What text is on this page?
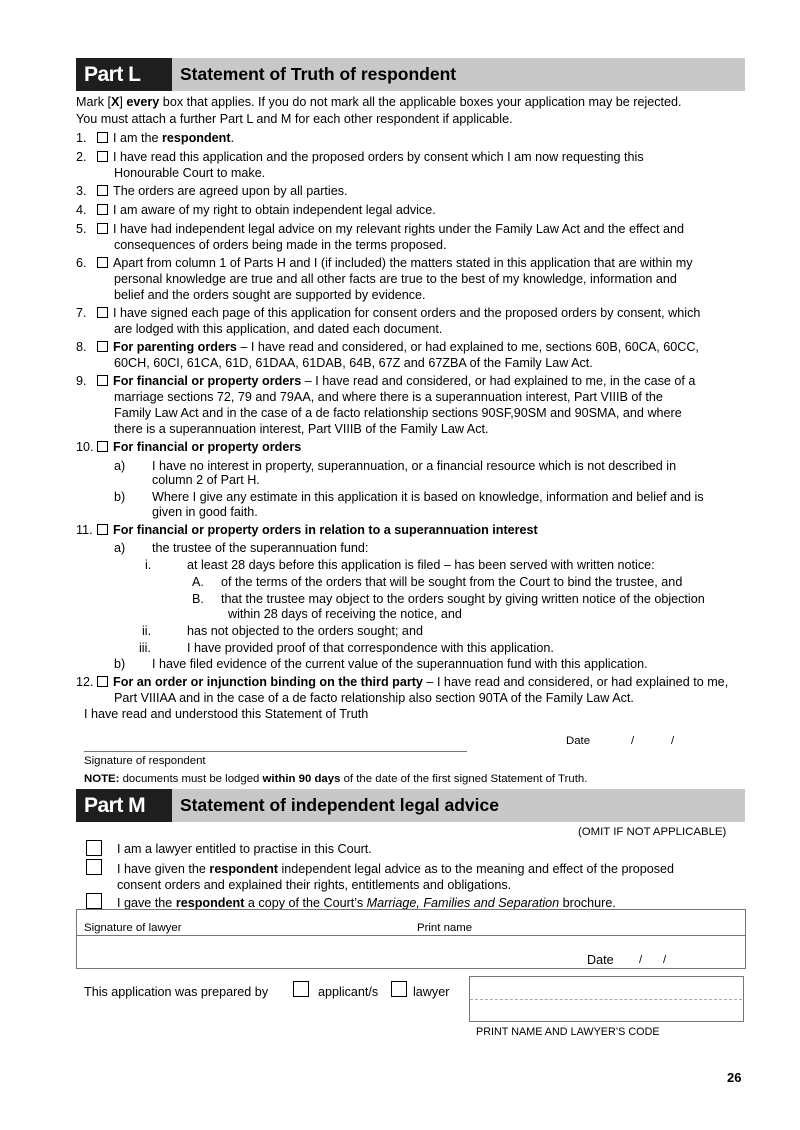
Part L	Statement of Truth of respondent
Mark [X] every box that applies. If you do not mark all the applicable boxes your application may be rejected.
You must attach a further Part L and M for each other respondent if applicable.
1.	I am the respondent.
2.	I have read this application and the proposed orders by consent which I am now requesting this
Honourable Court to make.
3.	The orders are agreed upon by all parties.
4.	I am aware of my right to obtain independent legal advice.
5.	I have had independent legal advice on my relevant rights under the Family Law Act and the effect and
consequences of orders being made in the terms proposed.
6.	Apart from column 1 of Parts H and I (if included) the matters stated in this application that are within my
personal knowledge are true and all other facts are true to the best of my knowledge, information and
belief and the orders sought are supported by evidence.
7.	I have signed each page of this application for consent orders and the proposed orders by consent, which
are lodged with this application, and dated each document.
8.	For parenting orders – I have read and considered, or had explained to me, sections 60B, 60CA, 60CC,
60CH, 60CI, 61CA, 61D, 61DAA, 61DAB, 64B, 67Z and 67ZBA of the Family Law Act.
9.	For financial or property orders – I have read and considered, or had explained to me, in the case of a
marriage sections 72, 79 and 79AA, and where there is a superannuation interest, Part VIIIB of the
Family Law Act and in the case of a de facto relationship sections 90SF,90SM and 90SMA, and where
there is a superannuation interest, Part VIIIB of the Family Law Act.
10.	For financial or property orders
a) I have no interest in property, superannuation, or a financial resource which is not described in
column 2 of Part H.
b) Where I give any estimate in this application it is based on knowledge, information and belief and is
given in good faith.
11.	For financial or property orders in relation to a superannuation interest
a) the trustee of the superannuation fund:
i.	at least 28 days before this application is filed – has been served with written notice:
A. of the terms of the orders that will be sought from the Court to bind the trustee, and
B. that the trustee may object to the orders sought by giving written notice of the objection
within 28 days of receiving the notice, and
ii.	has not objected to the orders sought; and
iii.	I have provided proof of that correspondence with this application.
b) I have filed evidence of the current value of the superannuation fund with this application.
12.	For an order or injunction binding on the third party – I have read and considered, or had explained to me,
Part VIIIAA and in the case of a de facto relationship also section 90TA of the Family Law Act.
I have read and understood this Statement of Truth
Date	/	/
Signature of respondent
NOTE: documents must be lodged within 90 days of the date of the first signed Statement of Truth.
Part M	Statement of independent legal advice
(OMIT IF NOT APPLICABLE)
I am a lawyer entitled to practise in this Court.
I have given the respondent independent legal advice as to the meaning and effect of the proposed
consent orders and explained their rights, entitlements and obligations.
I gave the respondent a copy of the Court’s Marriage, Families and Separation brochure.
Signature of lawyer	Print name
Date / /
This application was prepared by	applicant/s	lawyer
PRINT NAME AND LAWYER’S CODE
26
